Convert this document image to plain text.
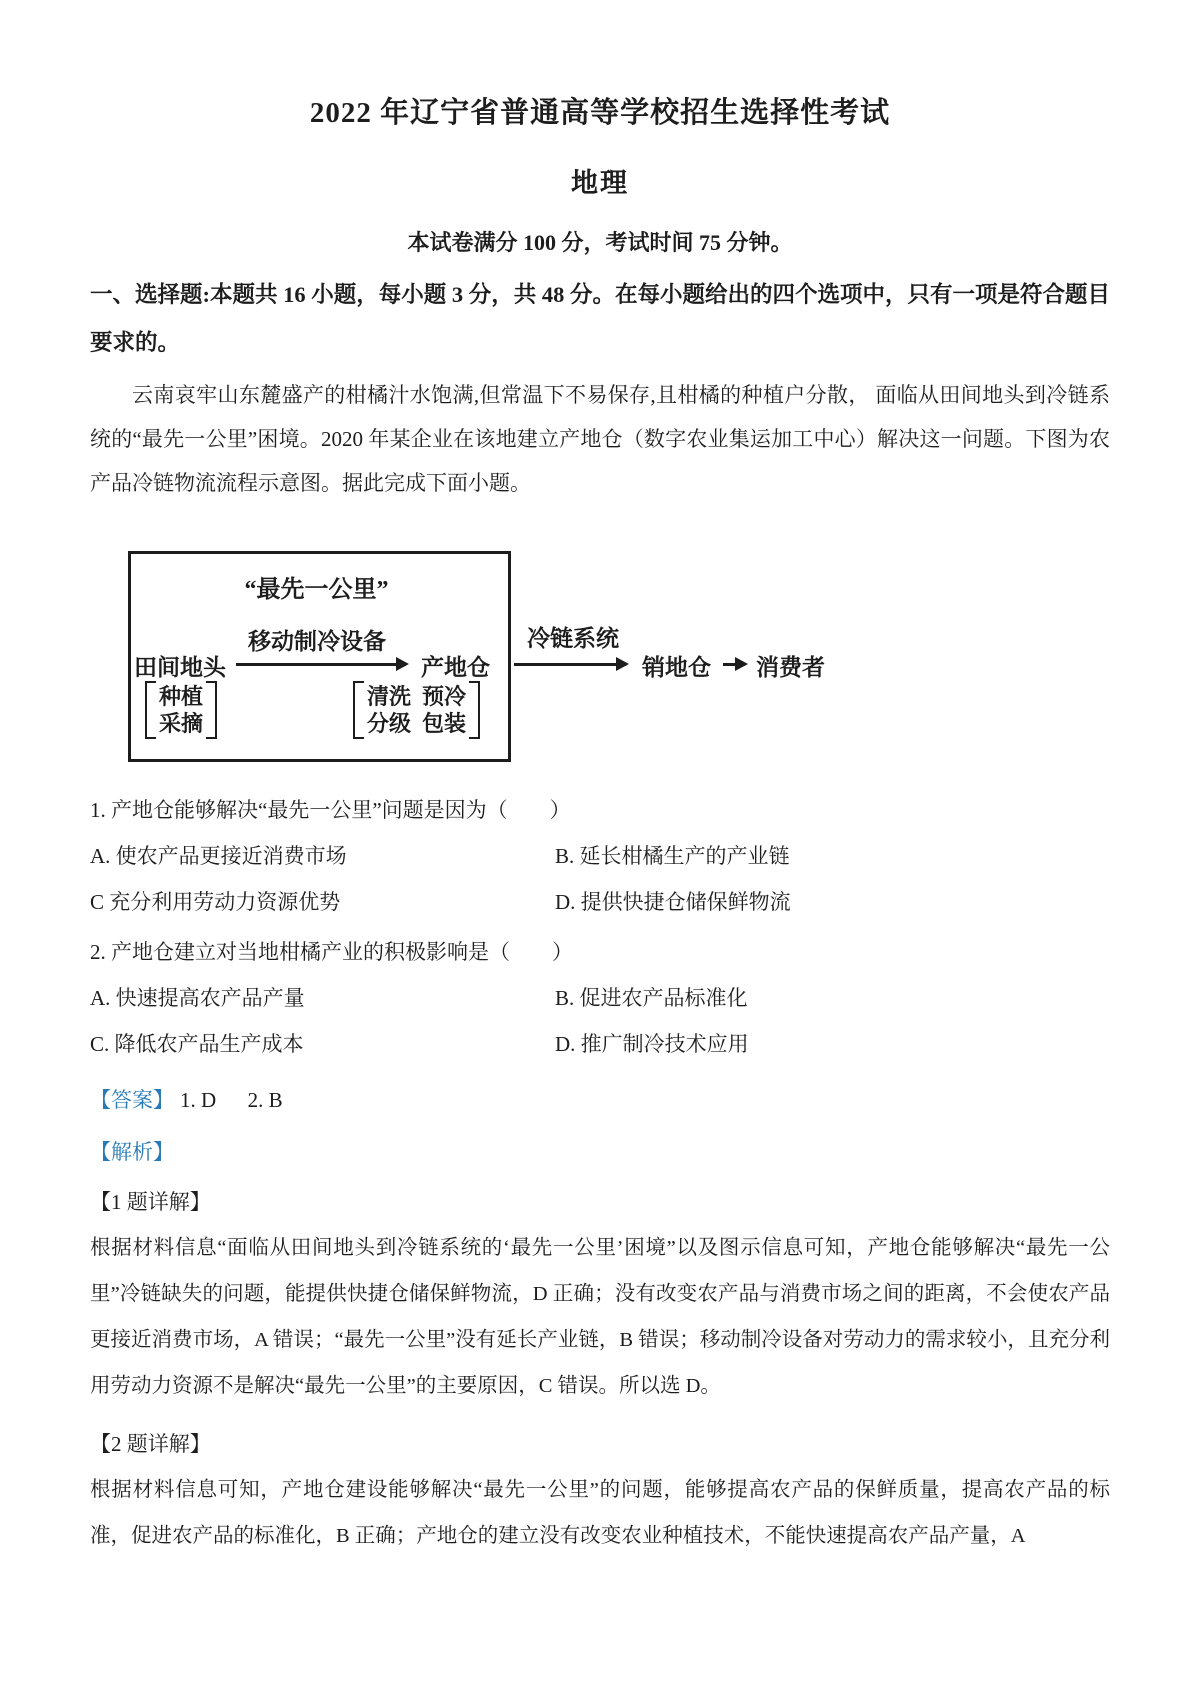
2022 年辽宁省普通高等学校招生选择性考试
地理
本试卷满分 100 分，考试时间 75 分钟。
一、选择题:本题共 16 小题，每小题 3 分，共 48 分。在每小题给出的四个选项中，只有一项是符合题目要求的。

云南哀牢山东麓盛产的柑橘汁水饱满,但常温下不易保存,且柑橘的种植户分散， 面临从田间地头到冷链系统的“最先一公里”困境。2020 年某企业在该地建立产地仓（数字农业集运加工中心）解决这一问题。下图为农产品冷链物流流程示意图。据此完成下面小题。

“最先一公里”
田间地头
移动制冷设备
产地仓
冷链系统
销地仓 消费者
种植
采摘
清洗  预冷
分级  包装

1. 产地仓能够解决“最先一公里”问题是因为（　　）

A. 使农产品更接近消费市场	B. 延长柑橘生产的产业链
C 充分利用劳动力资源优势	D. 提供快捷仓储保鲜物流

2. 产地仓建立对当地柑橘产业的积极影响是（　　）

A. 快速提高农产品产量	B. 促进农产品标准化
C. 降低农产品生产成本	D. 推广制冷技术应用
【答案】 1. D      2. B
【解析】
【1 题详解】

根据材料信息“面临从田间地头到冷链系统的‘最先一公里’困境”以及图示信息可知，产地仓能够解决“最先一公里”冷链缺失的问题，能提供快捷仓储保鲜物流，D 正确；没有改变农产品与消费市场之间的距离，不会使农产品更接近消费市场，A 错误；“最先一公里”没有延长产业链，B 错误；移动制冷设备对劳动力的需求较小，且充分利用劳动力资源不是解决“最先一公里”的主要原因，C 错误。所以选 D。

【2 题详解】

根据材料信息可知，产地仓建设能够解决“最先一公里”的问题，能够提高农产品的保鲜质量，提高农产品的标准，促进农产品的标准化，B 正确；产地仓的建立没有改变农业种植技术，不能快速提高农产品产量，A
